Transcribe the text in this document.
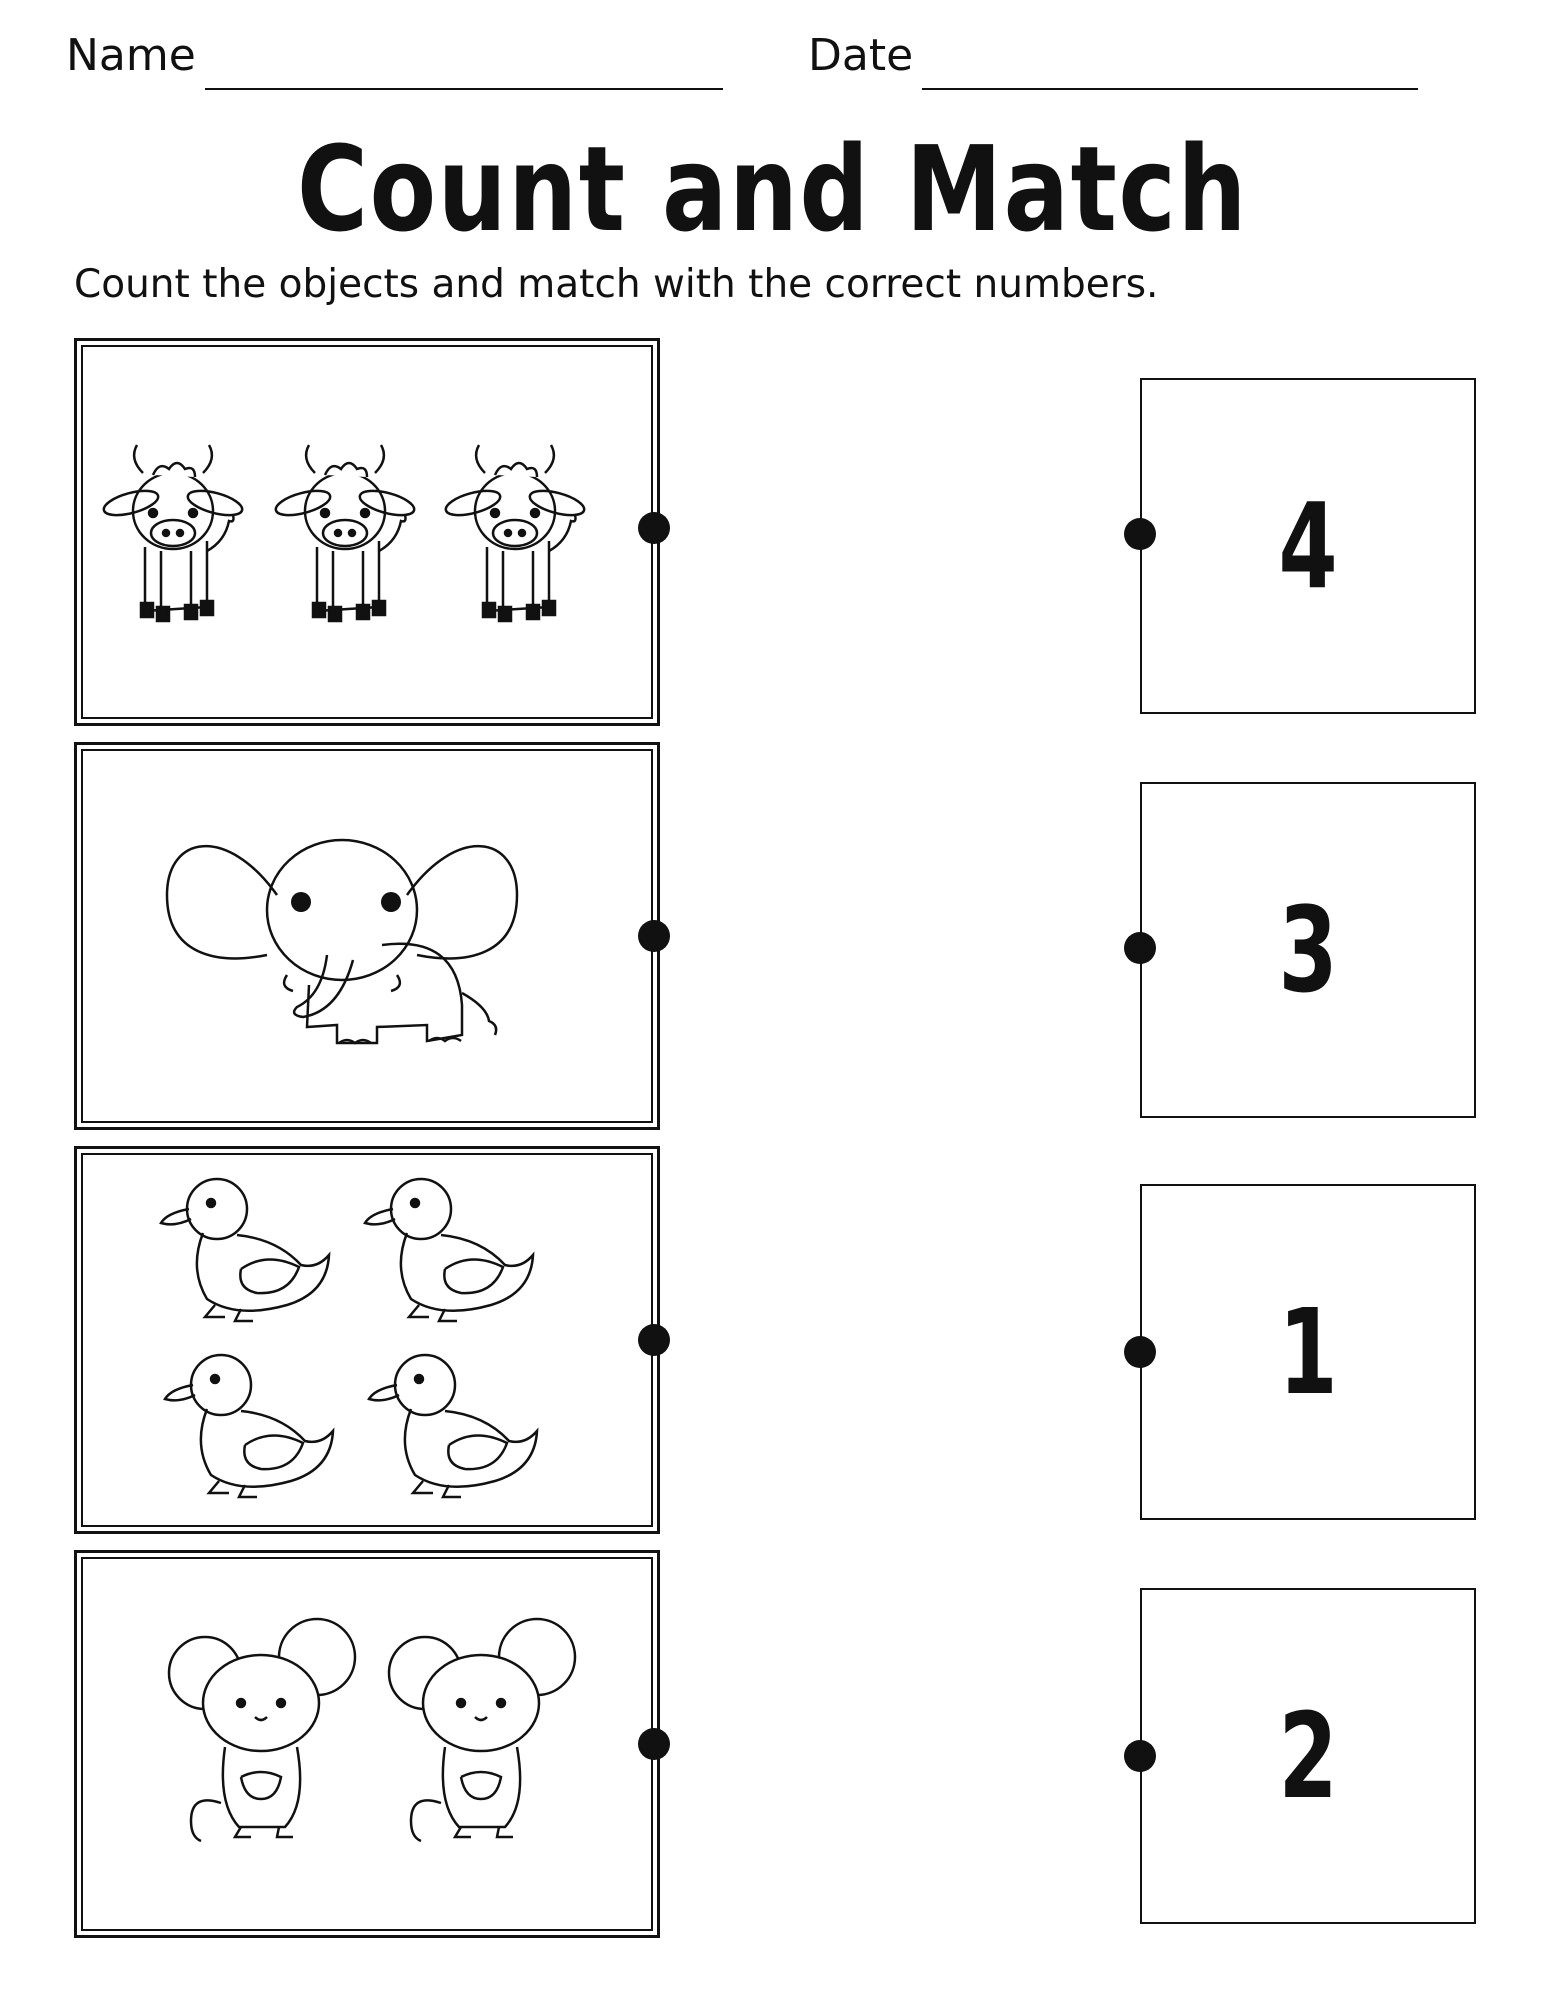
Name	Date
Count and Match
Count the objects and match with the correct numbers.
4
3
1
2
